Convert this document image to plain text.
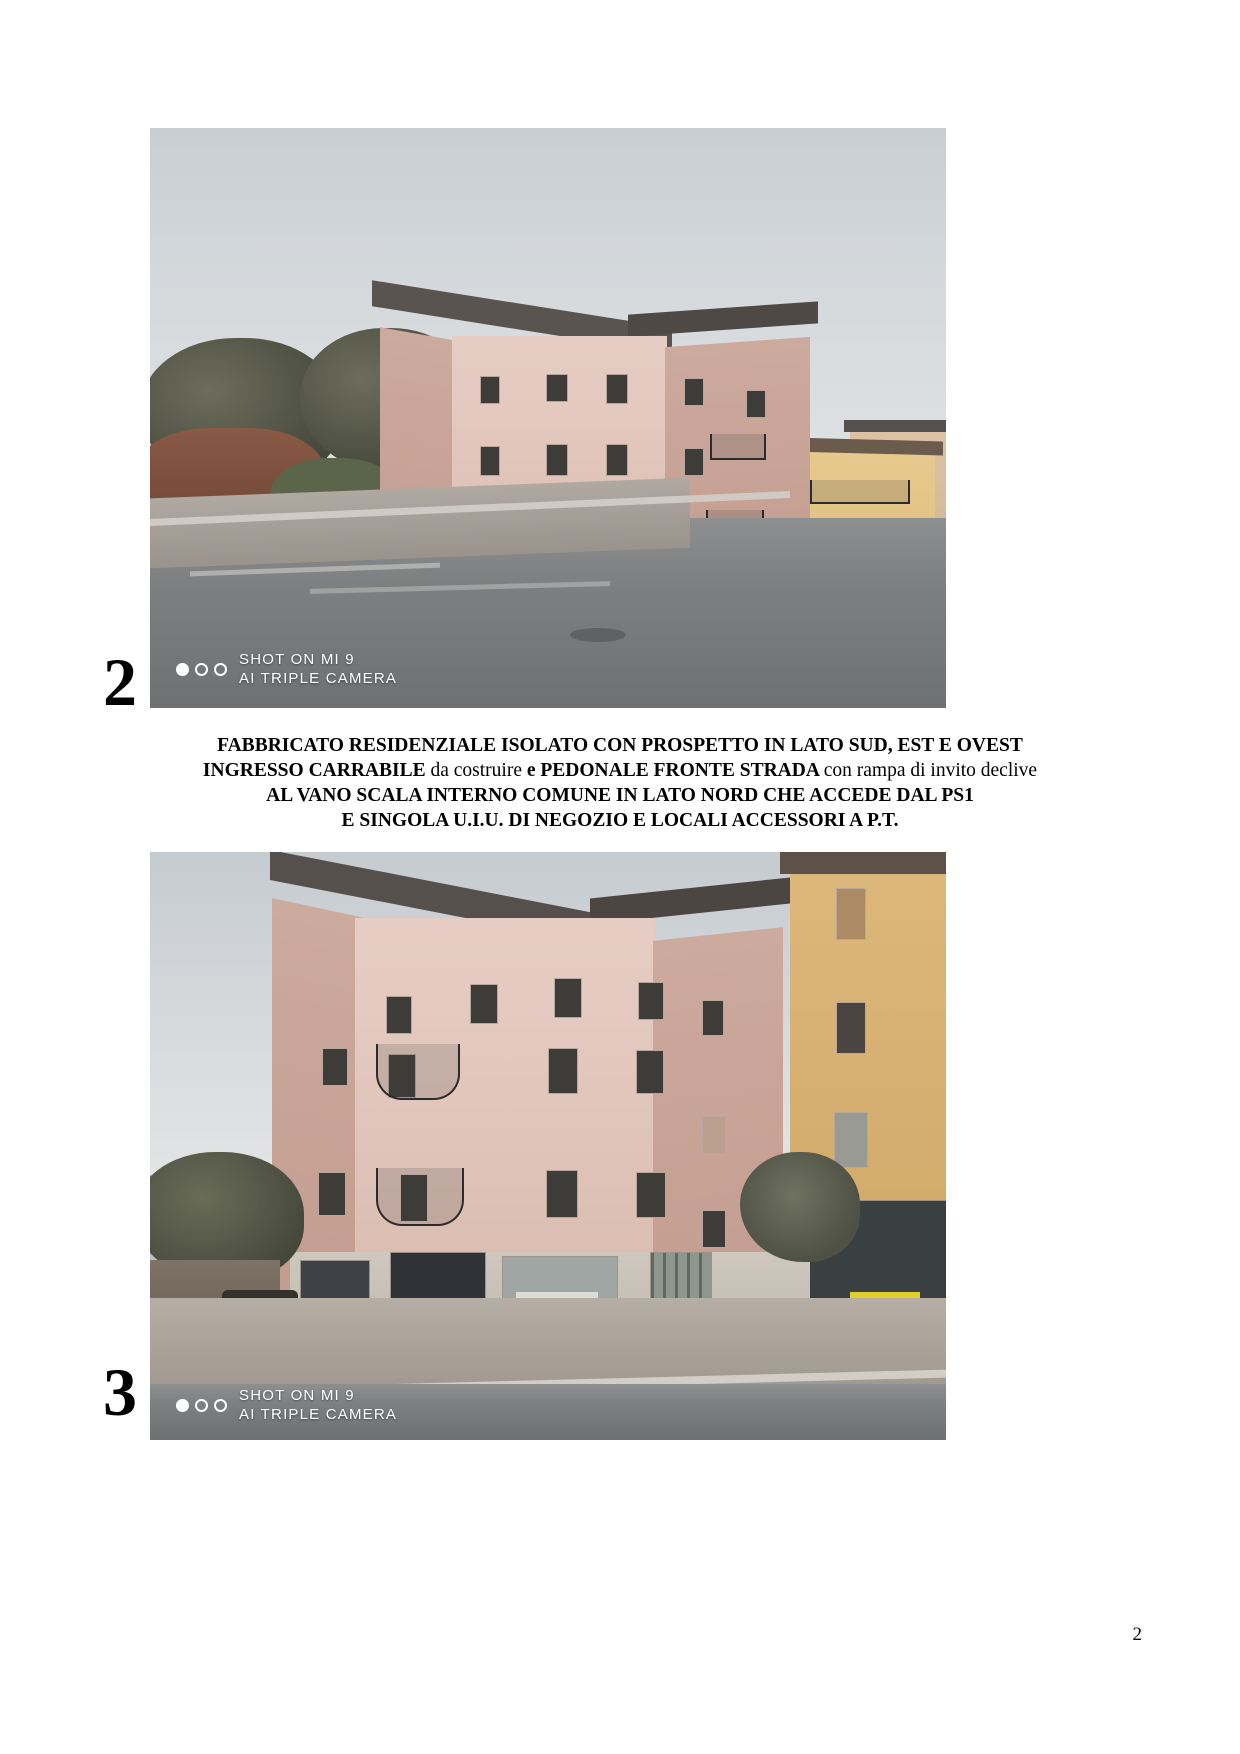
SHOT ON MI 9
AI TRIPLE CAMERA
2
FABBRICATO RESIDENZIALE ISOLATO CON PROSPETTO IN LATO SUD, EST E OVEST
INGRESSO CARRABILE da costruire e PEDONALE FRONTE STRADA con rampa di invito declive
AL VANO SCALA INTERNO COMUNE IN LATO NORD CHE ACCEDE DAL PS1
E SINGOLA U.I.U. DI NEGOZIO E LOCALI ACCESSORI A P.T.
SHOT ON MI 9
AI TRIPLE CAMERA
3
2
